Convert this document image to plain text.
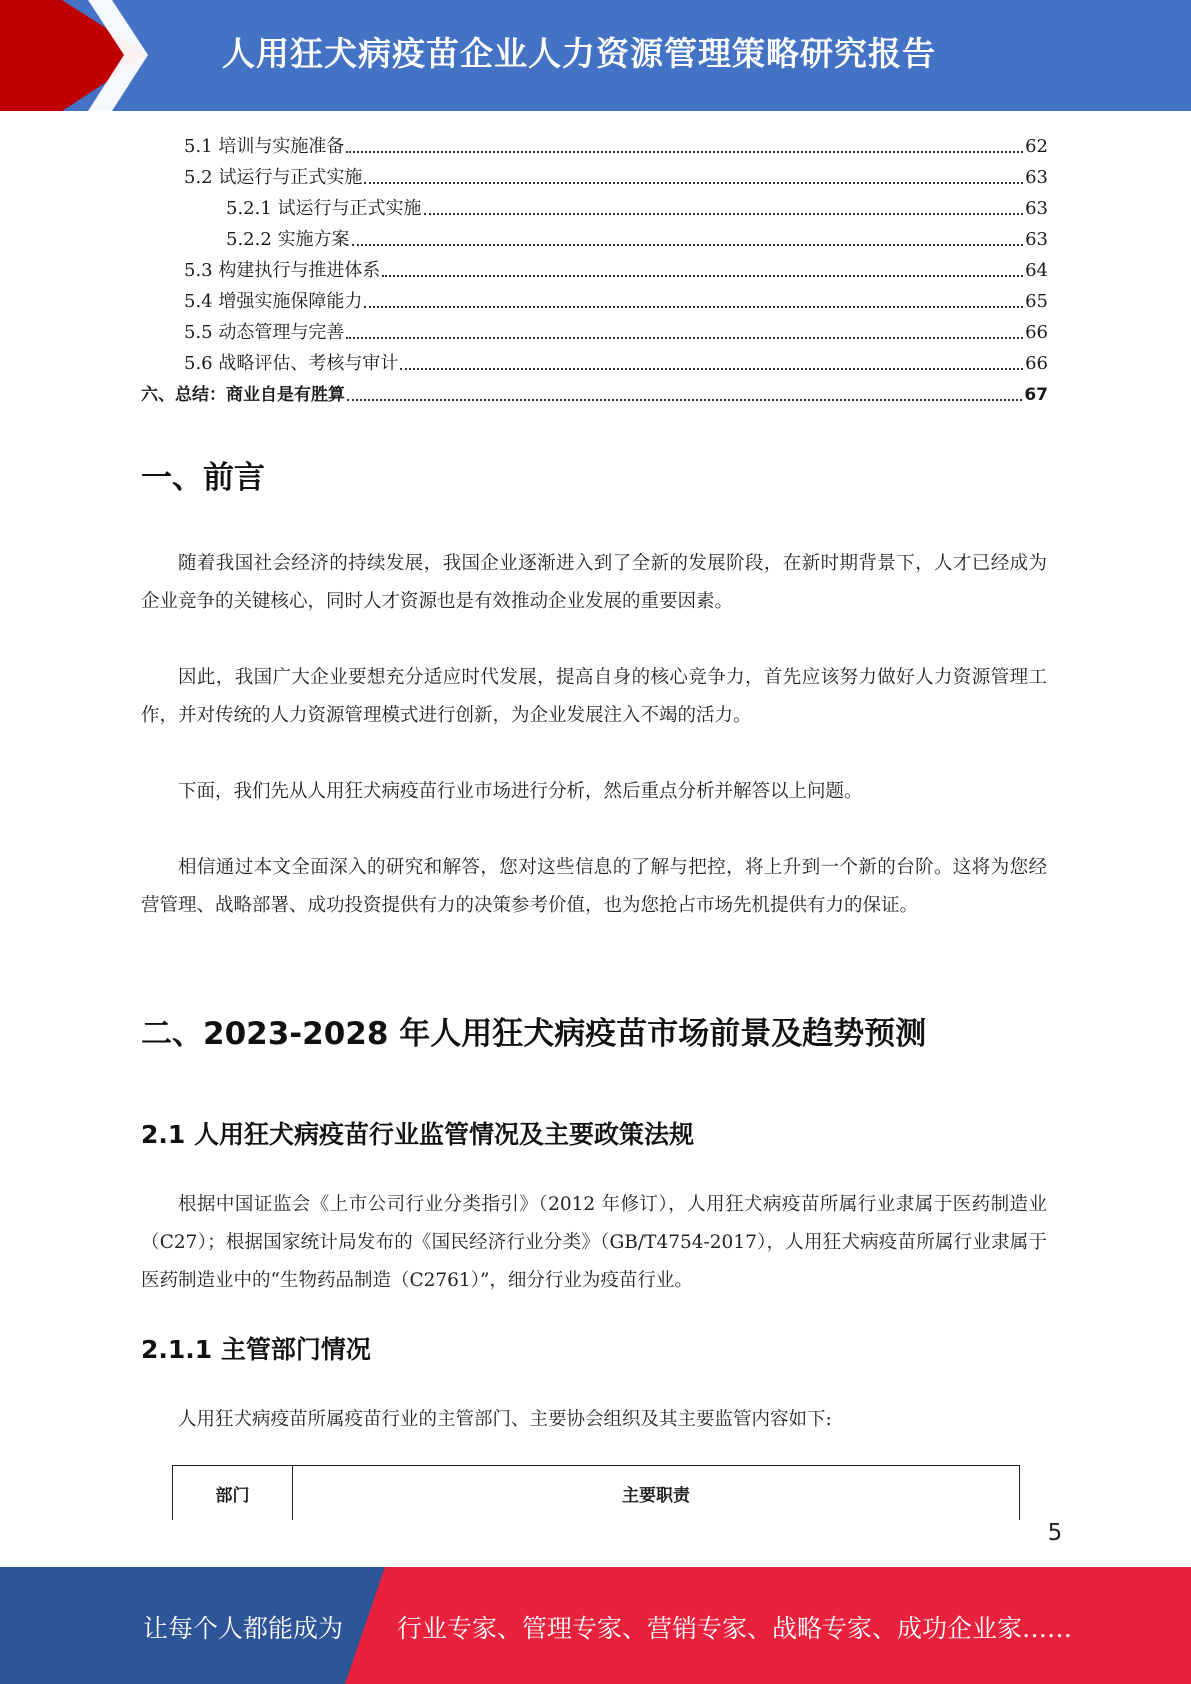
人用狂犬病疫苗企业人力资源管理策略研究报告
5.1 培训与实施准备	62
5.2 试运行与正式实施	63
5.2.1 试运行与正式实施	63
5.2.2 实施方案	63
5.3 构建执行与推进体系	64
5.4 增强实施保障能力	65
5.5 动态管理与完善	66
5.6 战略评估、考核与审计	66
六、总结：商业自是有胜算	67
一、前言

随着我国社会经济的持续发展，我国企业逐渐进入到了全新的发展阶段，在新时期背景下，人才已经成为企业竞争的关键核心，同时人才资源也是有效推动企业发展的重要因素。

因此，我国广大企业要想充分适应时代发展，提高自身的核心竞争力，首先应该努力做好人力资源管理工作，并对传统的人力资源管理模式进行创新，为企业发展注入不竭的活力。

下面，我们先从人用狂犬病疫苗行业市场进行分析，然后重点分析并解答以上问题。

相信通过本文全面深入的研究和解答，您对这些信息的了解与把控，将上升到一个新的台阶。这将为您经营管理、战略部署、成功投资提供有力的决策参考价值，也为您抢占市场先机提供有力的保证。

二、2023-2028 年人用狂犬病疫苗市场前景及趋势预测
2.1 人用狂犬病疫苗行业监管情况及主要政策法规

根据中国证监会《上市公司行业分类指引》（2012 年修订），人用狂犬病疫苗所属行业隶属于医药制造业（C27）；根据国家统计局发布的《国民经济行业分类》（GB/T4754-2017），人用狂犬病疫苗所属行业隶属于医药制造业中的“生物药品制造（C2761）”，细分行业为疫苗行业。

2.1.1 主管部门情况

人用狂犬病疫苗所属疫苗行业的主管部门、主要协会组织及其主要监管内容如下:

部门	主要职责
5
让每个人都能成为 行业专家、管理专家、营销专家、战略专家、成功企业家……
